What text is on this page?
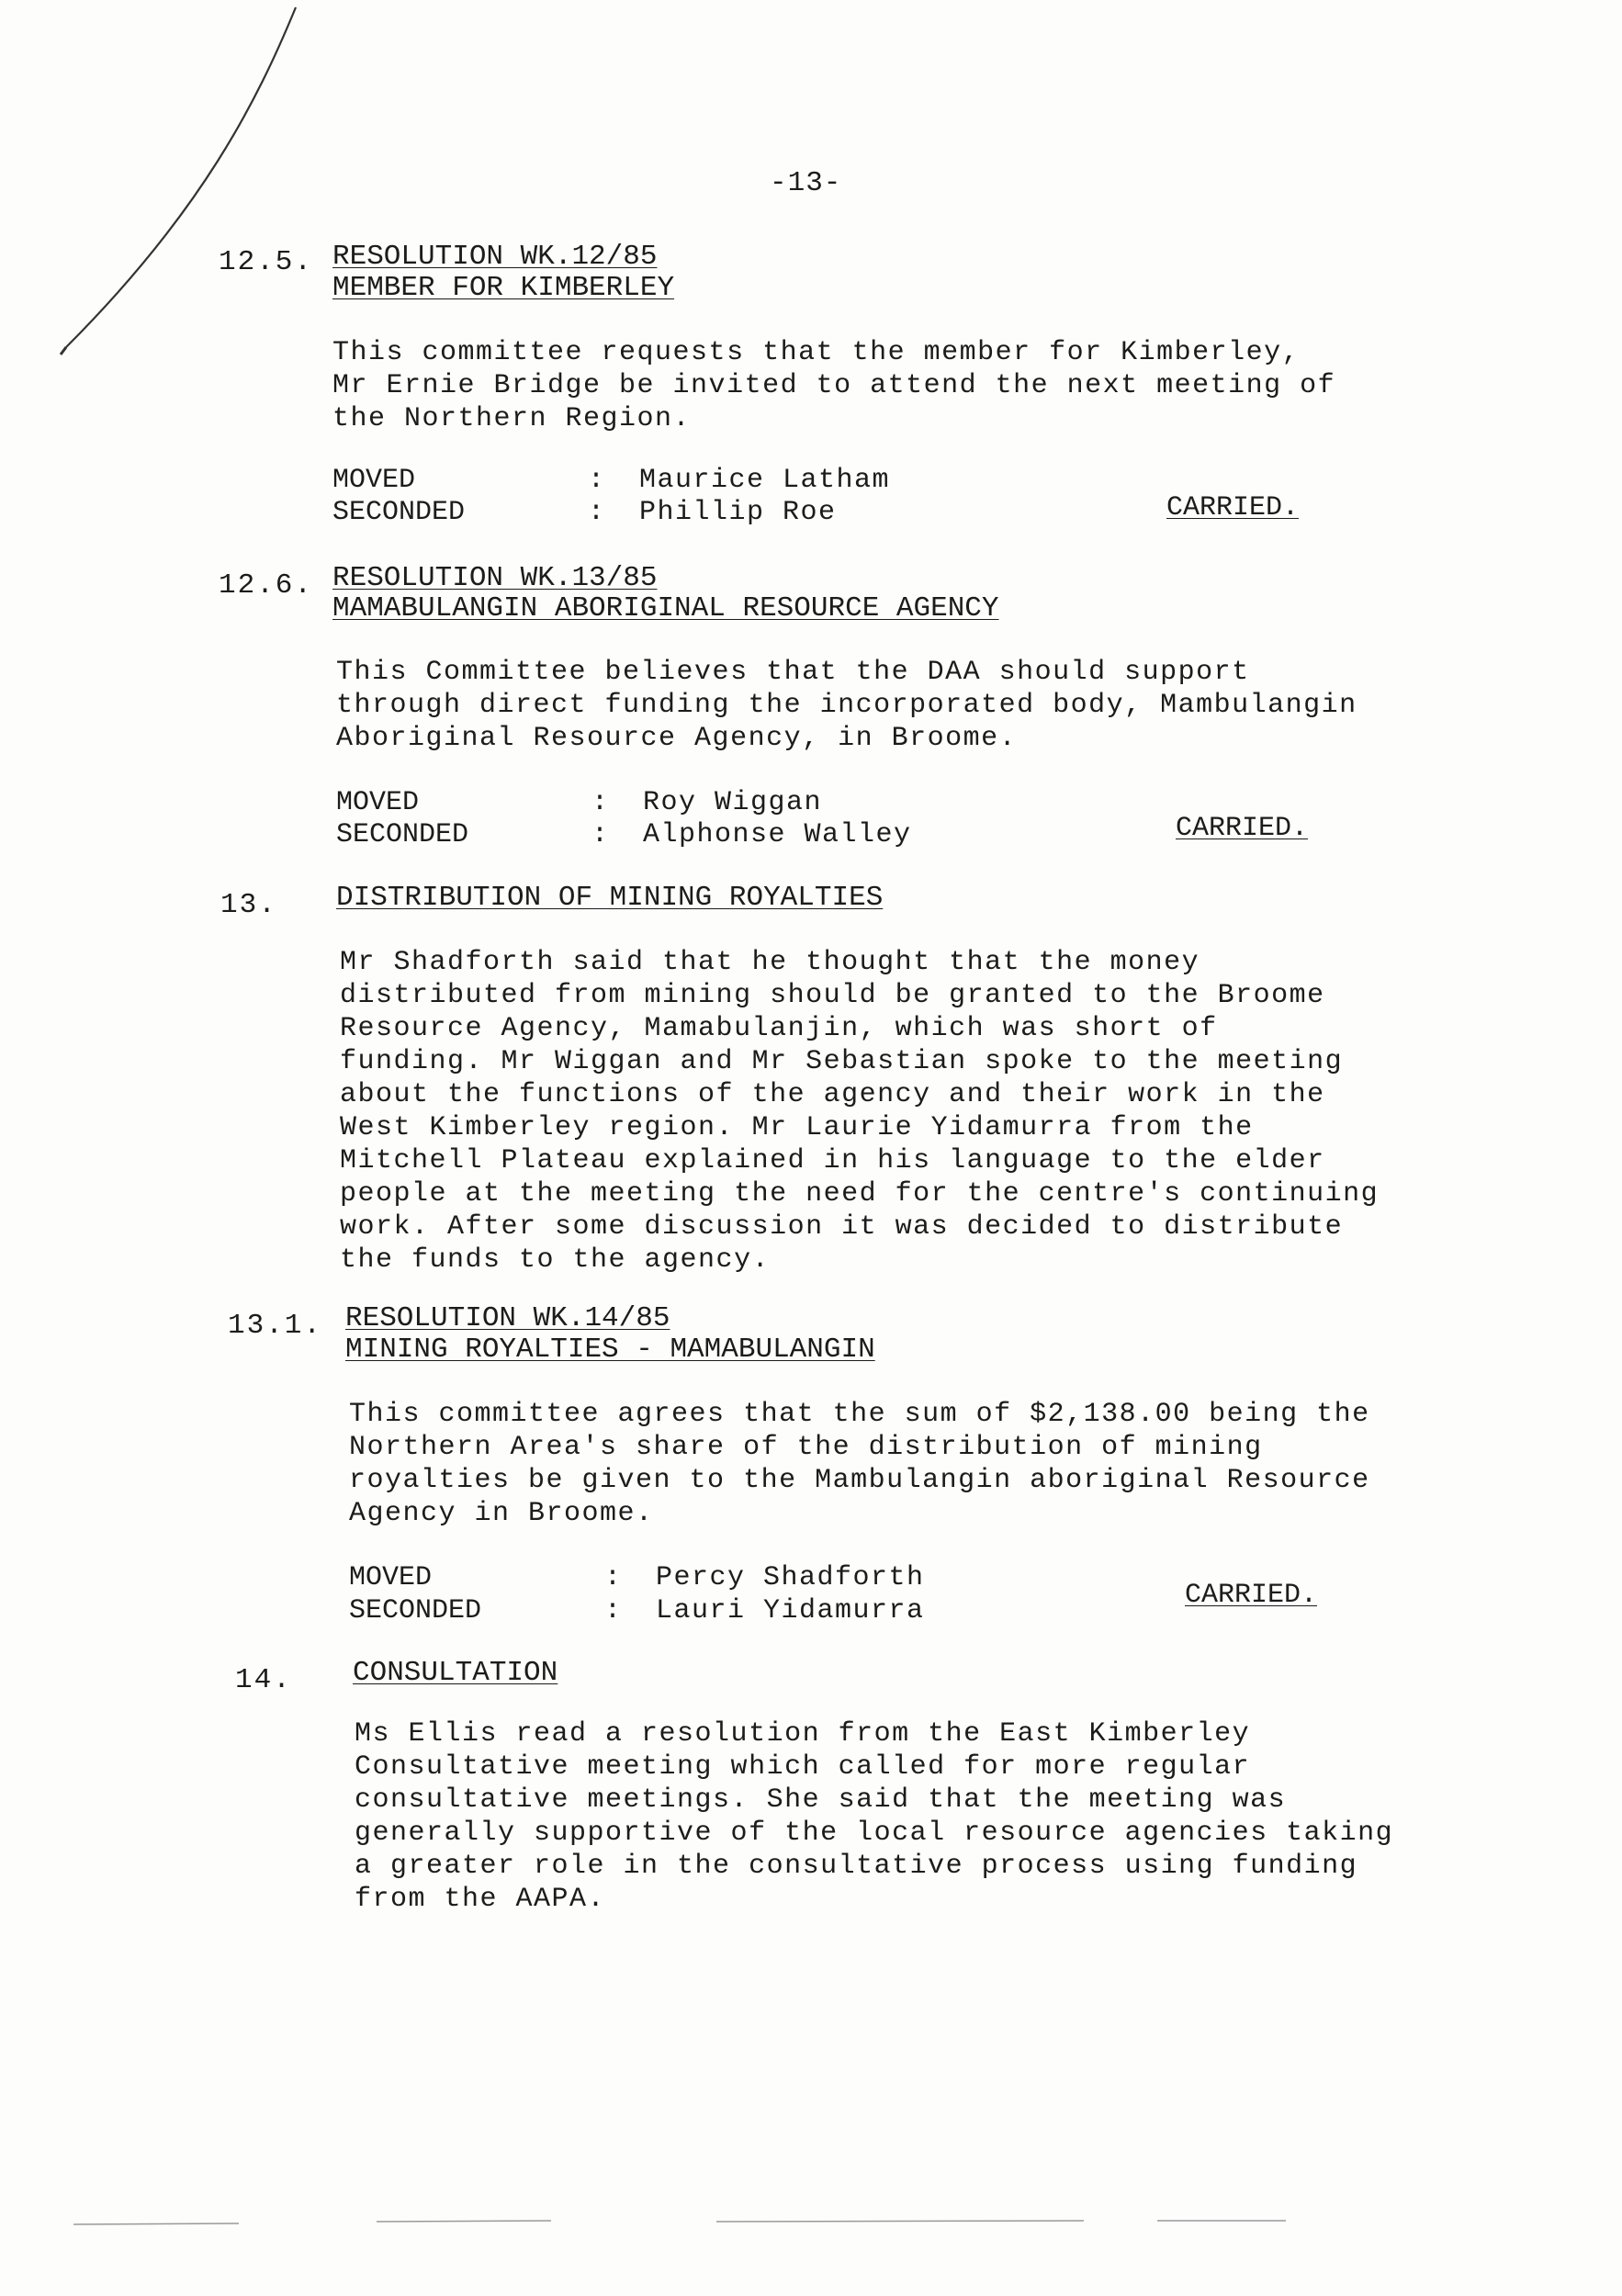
-13-
12.5. RESOLUTION WK.12/85
MEMBER FOR KIMBERLEY
This committee requests that the member for Kimberley,
Mr Ernie Bridge be invited to attend the next meeting of
the Northern Region.
MOVED	: Maurice Latham
SECONDED	: Phillip Roe	CARRIED.
12.6. RESOLUTION WK.13/85
MAMABULANGIN ABORIGINAL RESOURCE AGENCY
This Committee believes that the DAA should support
through direct funding the incorporated body, Mambulangin
Aboriginal Resource Agency, in Broome.
MOVED	: Roy Wiggan
SECONDED	: Alphonse Walley	CARRIED.
13. DISTRIBUTION OF MINING ROYALTIES
Mr Shadforth said that he thought that the money
distributed from mining should be granted to the Broome
Resource Agency, Mamabulanjin, which was short of
funding. Mr Wiggan and Mr Sebastian spoke to the meeting
about the functions of the agency and their work in the
West Kimberley region. Mr Laurie Yidamurra from the
Mitchell Plateau explained in his language to the elder
people at the meeting the need for the centre's continuing
work. After some discussion it was decided to distribute
the funds to the agency.
13.1. RESOLUTION WK.14/85
MINING ROYALTIES - MAMABULANGIN
This committee agrees that the sum of $2,138.00 being the
Northern Area's share of the distribution of mining
royalties be given to the Mambulangin aboriginal Resource
Agency in Broome.
MOVED	: Percy Shadforth
SECONDED	: Lauri Yidamurra	CARRIED.
14. CONSULTATION
Ms Ellis read a resolution from the East Kimberley
Consultative meeting which called for more regular
consultative meetings. She said that the meeting was
generally supportive of the local resource agencies taking
a greater role in the consultative process using funding
from the AAPA.
